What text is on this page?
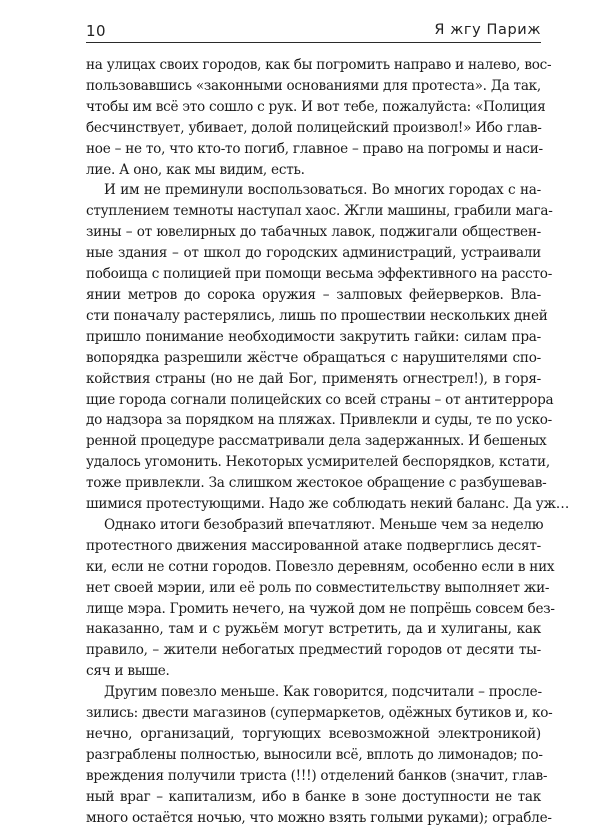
10	Я жгу Париж
на улицах своих городов, как бы погромить направо и налево, вос-
пользовавшись «законными основаниями для протеста». Да так,
чтобы им всё это сошло с рук. И вот тебе, пожалуйста: «Полиция
бесчинствует, убивает, долой полицейский произвол!» Ибо глав-
ное – не то, что кто-то погиб, главное – право на погромы и наси-
лие. А оно, как мы видим, есть.
И им не преминули воспользоваться. Во многих городах с на-
ступлением темноты наступал хаос. Жгли машины, грабили мага-
зины – от ювелирных до табачных лавок, поджигали обществен-
ные здания – от школ до городских администраций, устраивали
побоища с полицией при помощи весьма эффективного на рассто-
янии метров до сорока оружия – залповых фейерверков. Вла-
сти поначалу растерялись, лишь по прошествии нескольких дней
пришло понимание необходимости закрутить гайки: силам пра-
вопорядка разрешили жёстче обращаться с нарушителями спо-
койствия страны (но не дай Бог, применять огнестрел!), в горя-
щие города согнали полицейских со всей страны – от антитеррора
до надзора за порядком на пляжах. Привлекли и суды, те по уско-
ренной процедуре рассматривали дела задержанных. И бешеных
удалось угомонить. Некоторых усмирителей беспорядков, кстати,
тоже привлекли. За слишком жестокое обращение с разбушевав-
шимися протестующими. Надо же соблюдать некий баланс. Да уж…
Однако итоги безобразий впечатляют. Меньше чем за неделю
протестного движения массированной атаке подверглись десят-
ки, если не сотни городов. Повезло деревням, особенно если в них
нет своей мэрии, или её роль по совместительству выполняет жи-
лище мэра. Громить нечего, на чужой дом не попрёшь совсем без-
наказанно, там и с ружьём могут встретить, да и хулиганы, как
правило, – жители небогатых предместий городов от десяти ты-
сяч и выше.
Другим повезло меньше. Как говорится, подсчитали – просле-
зились: двести магазинов (супермаркетов, одёжных бутиков и, ко-
нечно, организаций, торгующих всевозможной электроникой)
разграблены полностью, выносили всё, вплоть до лимонадов; по-
вреждения получили триста (!!!) отделений банков (значит, глав-
ный враг – капитализм, ибо в банке в зоне доступности не так
много остаётся ночью, что можно взять голыми руками); ограбле-
